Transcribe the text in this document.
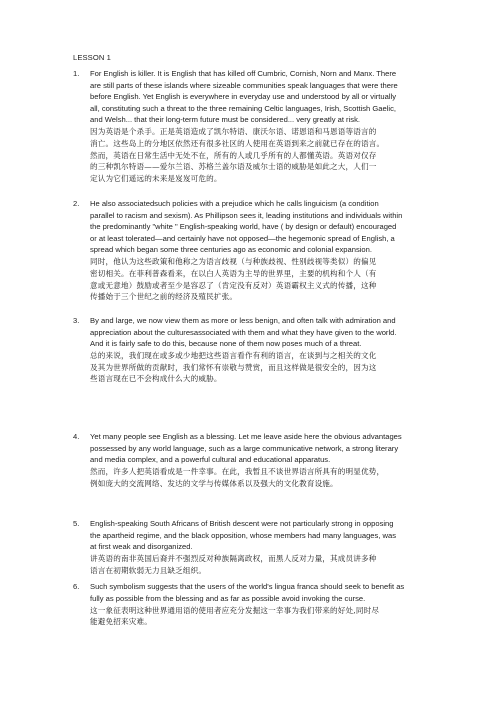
LESSON 1
1.	For English is killer. It is English that has killed off Cumbric, Cornish, Norn and Manx. There
are still parts of these islands where sizeable communities speak languages that were there
before English. Yet English is everywhere in everyday use and understood by all or virtually
all, constituting such a threat to the three remaining Celtic languages, Irish, Scottish Gaelic,
and Welsh... that their long-term future must be considered... very greatly at risk.
因为英语是个杀手。正是英语造成了凯尔特语、康沃尔语、诺恩语和马恩语等语言的
消亡。这些岛上的分地区依然还有很多社区的人使用在英语到来之前就已存在的语言。
然而，英语在日常生活中无处不在，所有的人或几乎所有的人都懂英语。英语对仅存
的三种凯尔特语——爱尔兰语、苏格兰盖尔语及威尔士语的威胁是如此之大，人们一
定认为它们遥远的未来是岌岌可危的。
2.	He also associatedsuch policies with a prejudice which he calls linguicism (a condition
parallel to racism and sexism). As Phillipson sees it, leading institutions and individuals within
the predominantly "white " English-speaking world, have ( by design or default) encouraged
or at least tolerated—and certainly have not opposed—the hegemonic spread of English, a
spread which began some three centuries ago as economic and colonial expansion.
同时，他认为这些政策和他称之为语言歧视（与种族歧视、性别歧视等类似）的偏见
密切相关。在菲利普森看来，在以白人英语为主导的世界里，主要的机构和个人（有
意或无意地）鼓励或者至少是容忍了（肯定没有反对）英语霸权主义式的传播，这种
传播始于三个世纪之前的经济及殖民扩张。
3.	By and large, we now view them as more or less benign, and often talk with admiration and
appreciation about the culturesassociated with them and what they have given to the world.
And it is fairly safe to do this, because none of them now poses much of a threat.
总的来说，我们现在或多或少地把这些语言看作有利的语言，在谈到与之相关的文化
及其为世界所做的贡献时，我们常怀有崇敬与赞赏，而且这样做是很安全的，因为这
些语言现在已不会构成什么大的威胁。
4.	Yet many people see English as a blessing. Let me leave aside here the obvious advantages
possessed by any world language, such as a large communicative network, a strong literary
and media complex, and a powerful cultural and educational apparatus.
然而，许多人把英语看成是一件幸事。在此，我暂且不谈世界语言所具有的明显优势，
例如庞大的交流网络、发达的文学与传媒体系以及强大的文化教育设施。
5.	English-speaking South Africans of British descent were not particularly strong in opposing
the apartheid regime, and the black opposition, whose members had many languages, was
at first weak and disorganized.
讲英语的南非英国后裔并不强烈反对种族隔离政权，而黑人反对力量，其成员讲多种
语言在初期软弱无力且缺乏组织。
6.	Such symbolism suggests that the users of the world's lingua franca should seek to benefit as
fully as possible from the blessing and as far as possible avoid invoking the curse.
这一象征表明这种世界通用语的使用者应充分发掘这一幸事为我们带来的好处,同时尽
能避免招来灾难。
